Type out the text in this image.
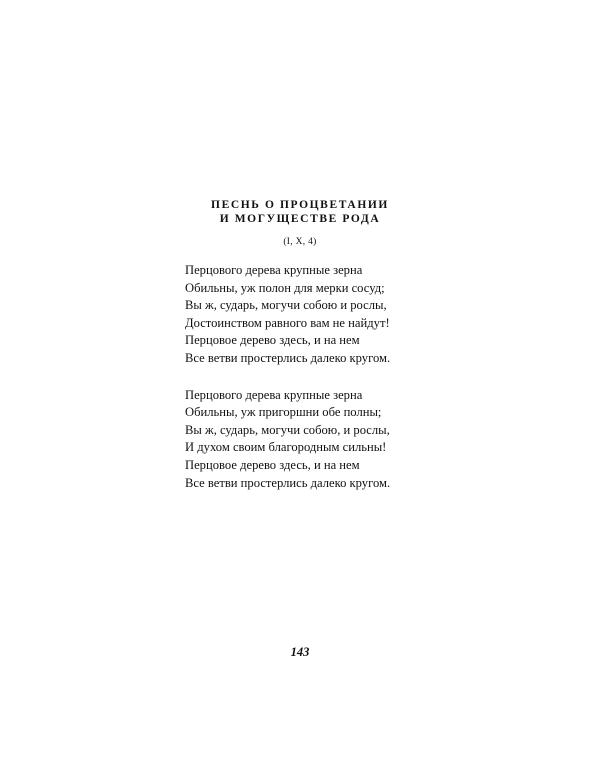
ПЕСНЬ О ПРОЦВЕТАНИИ
И МОГУЩЕСТВЕ РОДА
(I, X, 4)
Перцового дерева крупные зерна
Обильны, уж полон для мерки сосуд;
Вы ж, сударь, могучи собою и рослы,
Достоинством равного вам не найдут!
Перцовое дерево здесь, и на нем
Все ветви простерлись далеко кругом.
Перцового дерева крупные зерна
Обильны, уж пригоршни обе полны;
Вы ж, сударь, могучи собою, и рослы,
И духом своим благородным сильны!
Перцовое дерево здесь, и на нем
Все ветви простерлись далеко кругом.
143
